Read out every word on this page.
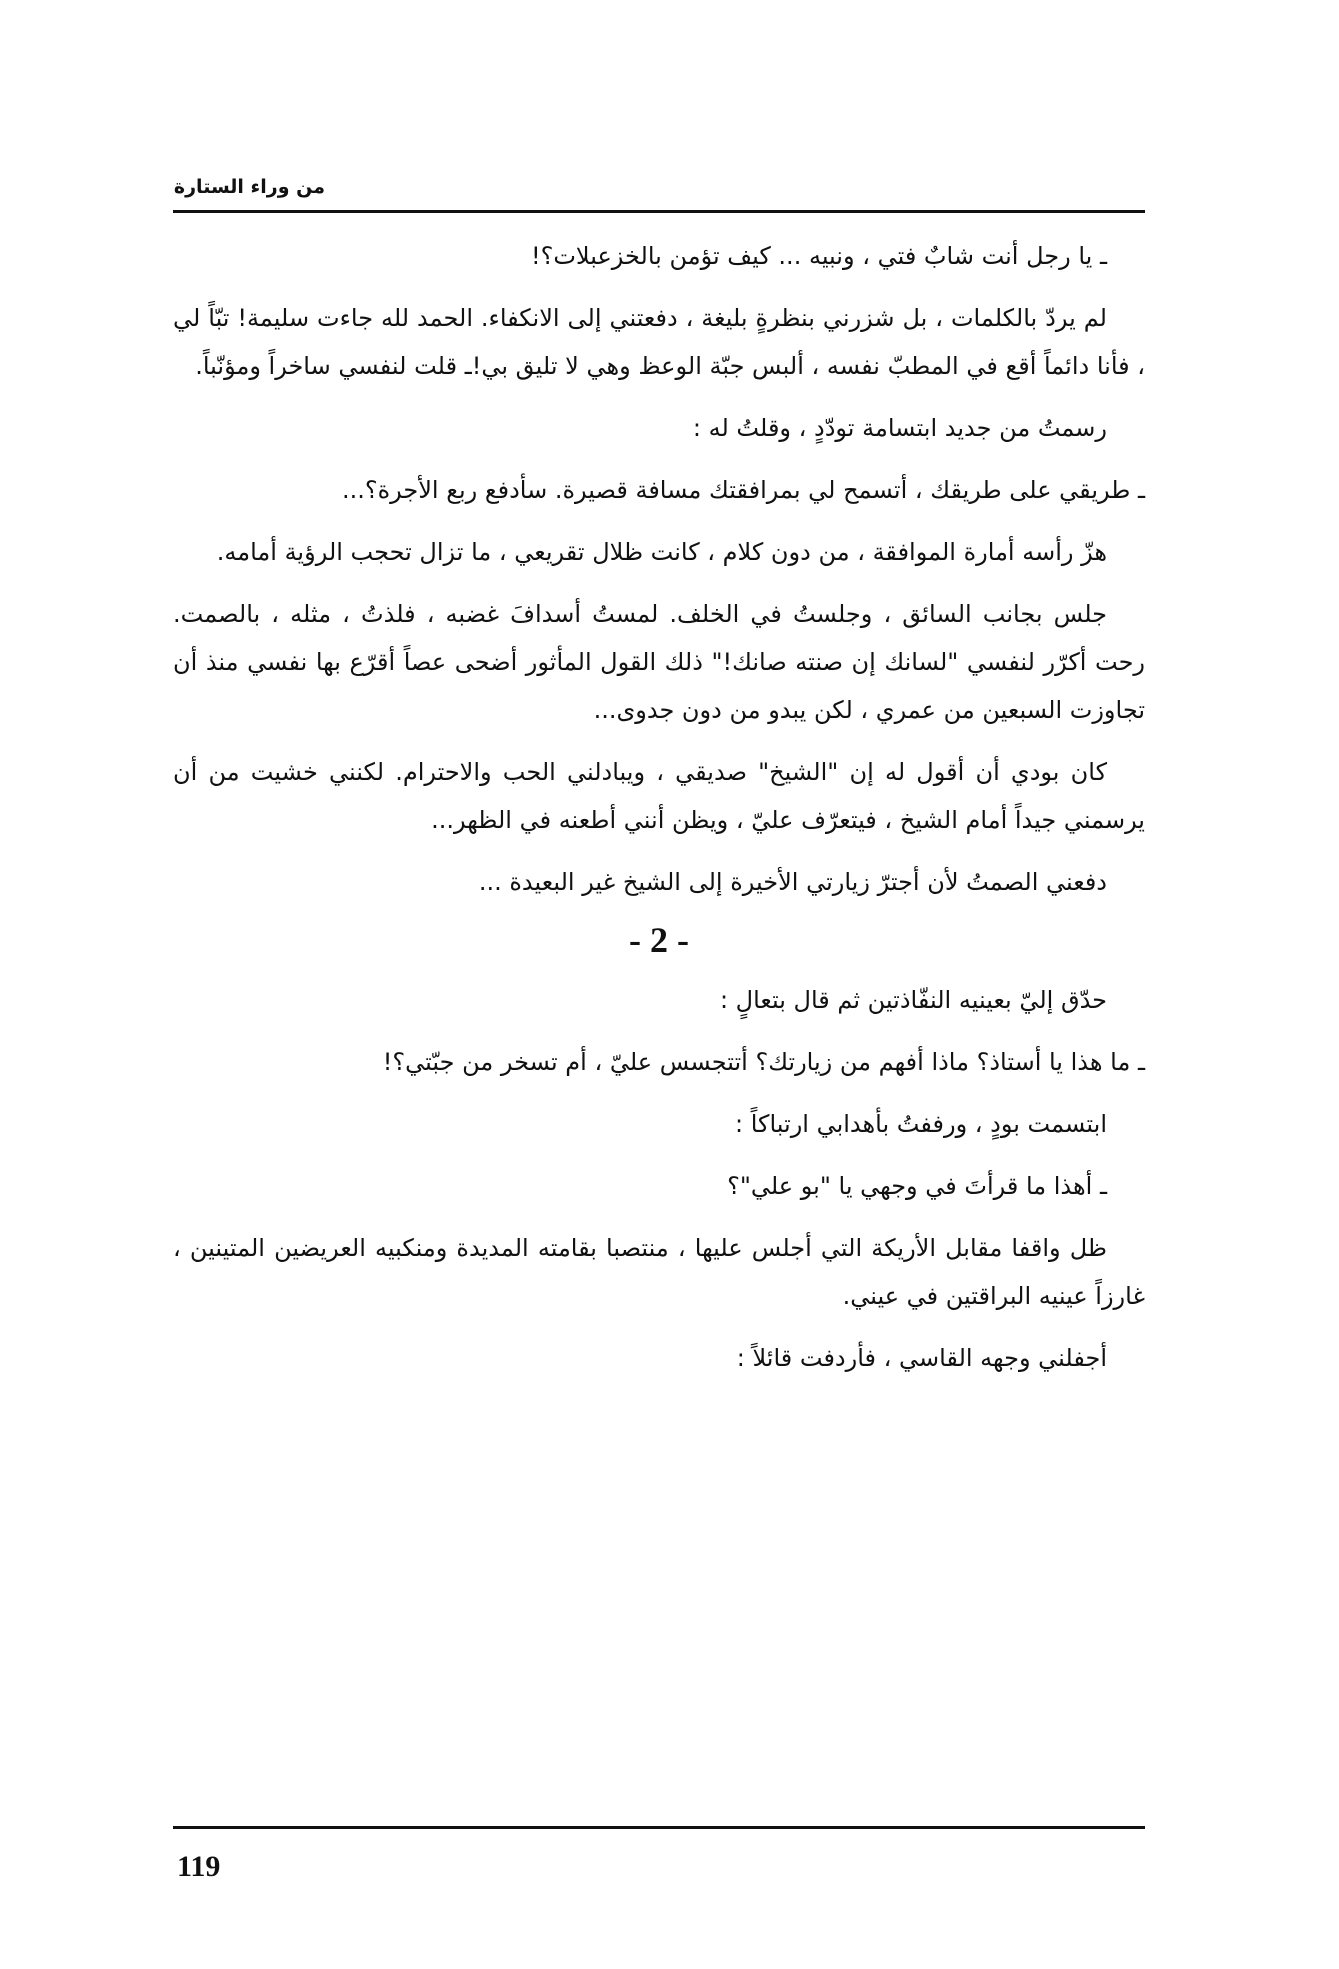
من وراء الستارة

ـ يا رجل أنت شابٌ فتي ، ونبيه ... كيف تؤمن بالخزعبلات؟!

لم يردّ بالكلمات ، بل شزرني بنظرةٍ بليغة ، دفعتني إلى الانكفاء. الحمد لله جاءت سليمة! تبّاً لي ، فأنا دائماً أقع في المطبّ نفسه ، ألبس جبّة الوعظ وهي لا تليق بي!ـ قلت لنفسي ساخراً ومؤنّباً.

رسمتُ من جديد ابتسامة تودّدٍ ، وقلتُ له :

ـ طريقي على طريقك ، أتسمح لي بمرافقتك مسافة قصيرة. سأدفع ربع الأجرة؟...

هزّ رأسه أمارة الموافقة ، من دون كلام ، كانت ظلال تقريعي ، ما تزال تحجب الرؤية أمامه.

جلس بجانب السائق ، وجلستُ في الخلف. لمستُ أسدافَ غضبه ، فلذتُ ، مثله ، بالصمت. رحت أكرّر لنفسي "لسانك إن صنته صانك!" ذلك القول المأثور أضحى عصاً أقرّع بها نفسي منذ أن تجاوزت السبعين من عمري ، لكن يبدو من دون جدوى...

كان بودي أن أقول له إن "الشيخ" صديقي ، ويبادلني الحب والاحترام. لكنني خشيت من أن يرسمني جيداً أمام الشيخ ، فيتعرّف عليّ ، ويظن أنني أطعنه في الظهر...

دفعني الصمتُ لأن أجترّ زيارتي الأخيرة إلى الشيخ غير البعيدة ...

- 2 -

حدّق إليّ بعينيه النفّاذتين ثم قال بتعالٍ :

ـ ما هذا يا أستاذ؟ ماذا أفهم من زيارتك؟ أتتجسس عليّ ، أم تسخر من جبّتي؟!

ابتسمت بودٍ ، ورففتُ بأهدابي ارتباكاً :

ـ أهذا ما قرأتَ في وجهي يا "بو علي"؟

ظل واقفا مقابل الأريكة التي أجلس عليها ، منتصبا بقامته المديدة ومنكبيه العريضين المتينين ، غارزاً عينيه البراقتين في عيني.

أجفلني وجهه القاسي ، فأردفت قائلاً :

119
